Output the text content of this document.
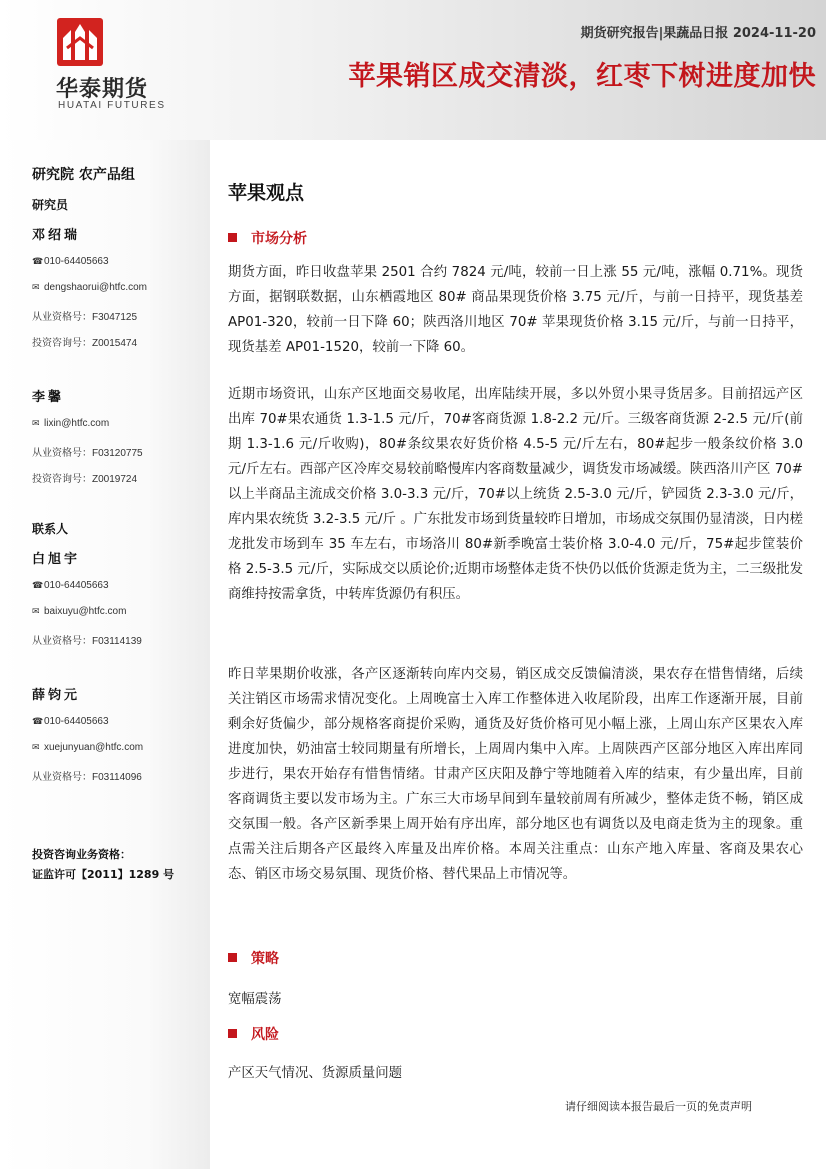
华泰期货
HUATAI FUTURES
期货研究报告|果蔬品日报 2024-11-20
苹果销区成交清淡，红枣下树进度加快
研究院 农产品组
研究员
邓绍瑞
☎010-64405663
✉ dengshaorui@htfc.com
从业资格号：F3047125
投资咨询号：Z0015474
李馨
✉ lixin@htfc.com
从业资格号：F03120775
投资咨询号：Z0019724
联系人
白旭宇
☎010-64405663
✉ baixuyu@htfc.com
从业资格号：F03114139
薛钧元
☎010-64405663
✉ xuejunyuan@htfc.com
从业资格号：F03114096
投资咨询业务资格：
证监许可【2011】1289 号
苹果观点
市场分析

期货方面，昨日收盘苹果 2501 合约 7824 元/吨，较前一日上涨 55 元/吨，涨幅 0.71%。现货方面，据钢联数据，山东栖霞地区 80# 商品果现货价格 3.75 元/斤，与前一日持平，现货基差 AP01-320，较前一日下降 60；陕西洛川地区 70# 苹果现货价格 3.15 元/斤，与前一日持平，现货基差 AP01-1520，较前一下降 60。

近期市场资讯，山东产区地面交易收尾，出库陆续开展，多以外贸小果寻货居多。目前招远产区出库 70#果农通货 1.3-1.5 元/斤，70#客商货源 1.8-2.2 元/斤。三级客商货源 2-2.5 元/斤(前期 1.3-1.6 元/斤收购)，80#条纹果农好货价格 4.5-5 元/斤左右，80#起步一般条纹价格 3.0 元/斤左右。西部产区冷库交易较前略慢库内客商数量减少，调货发市场减缓。陕西洛川产区 70#以上半商品主流成交价格 3.0-3.3 元/斤，70#以上统货 2.5-3.0 元/斤，铲园货 2.3-3.0 元/斤，库内果农统货 3.2-3.5 元/斤 。广东批发市场到货量较昨日增加，市场成交氛围仍显清淡，日内槎龙批发市场到车 35 车左右，市场洛川 80#新季晚富士装价格 3.0-4.0 元/斤，75#起步筐装价格 2.5-3.5 元/斤，实际成交以质论价;近期市场整体走货不快仍以低价货源走货为主，二三级批发商维持按需拿货，中转库货源仍有积压。

昨日苹果期价收涨，各产区逐渐转向库内交易，销区成交反馈偏清淡，果农存在惜售情绪，后续关注销区市场需求情况变化。上周晚富士入库工作整体进入收尾阶段，出库工作逐渐开展，目前剩余好货偏少，部分规格客商提价采购，通货及好货价格可见小幅上涨，上周山东产区果农入库进度加快，奶油富士较同期量有所增长，上周周内集中入库。上周陕西产区部分地区入库出库同步进行，果农开始存有惜售情绪。甘肃产区庆阳及静宁等地随着入库的结束，有少量出库，目前客商调货主要以发市场为主。广东三大市场早间到车量较前周有所减少，整体走货不畅，销区成交氛围一般。各产区新季果上周开始有序出库，部分地区也有调货以及电商走货为主的现象。重点需关注后期各产区最终入库量及出库价格。本周关注重点：山东产地入库量、客商及果农心态、销区市场交易氛围、现货价格、替代果品上市情况等。

策略
宽幅震荡
风险
产区天气情况、货源质量问题
请仔细阅读本报告最后一页的免责声明
